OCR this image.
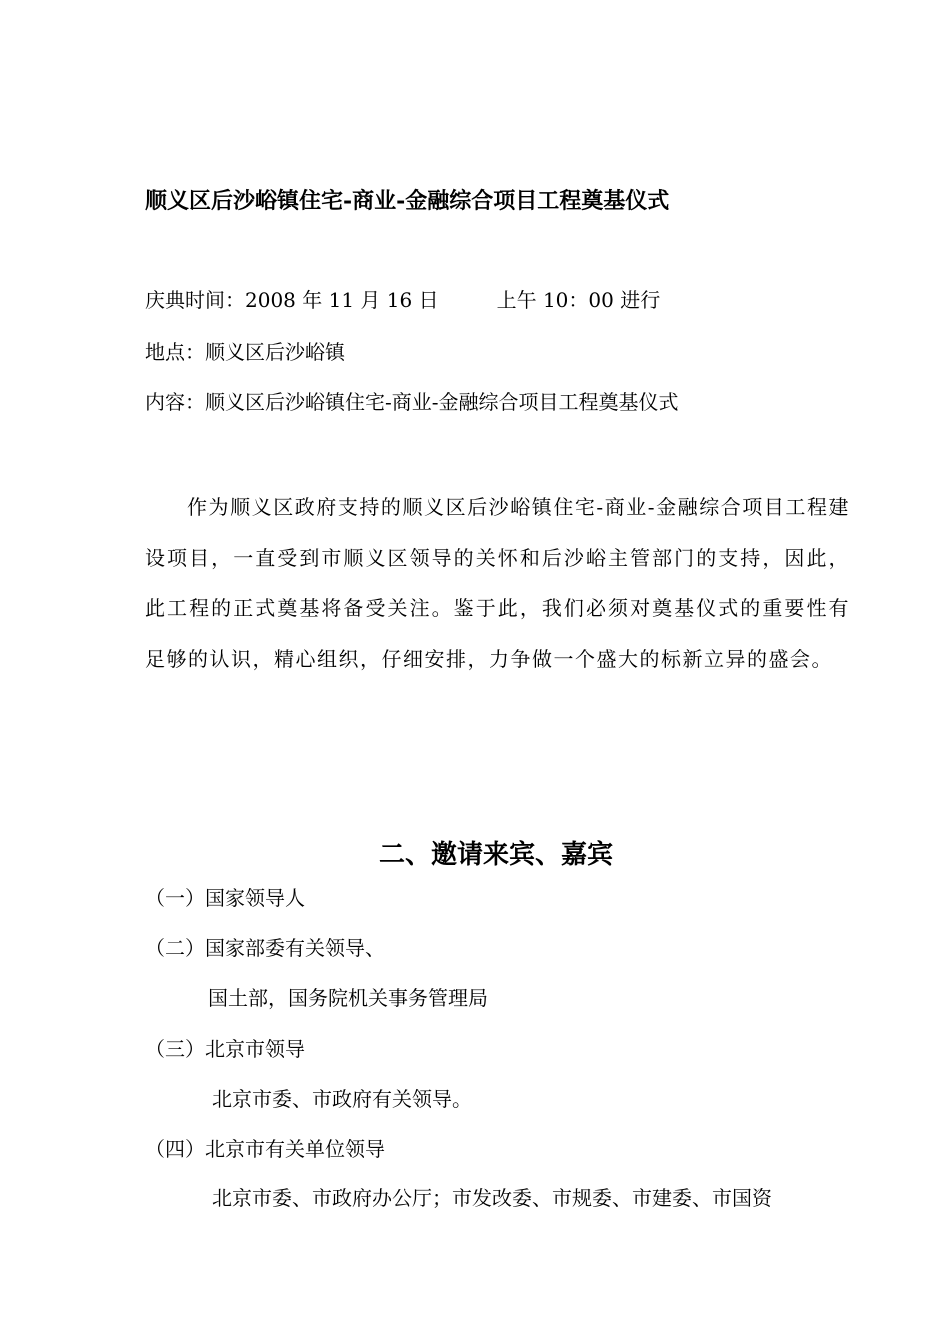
顺义区后沙峪镇住宅-商业-金融综合项目工程奠基仪式
庆典时间：2008 年 11 月 16 日	上午 10：00 进行
地点：顺义区后沙峪镇
内容：顺义区后沙峪镇住宅-商业-金融综合项目工程奠基仪式
作为顺义区政府支持的顺义区后沙峪镇住宅-商业-金融综合项目工程建设项目，一直受到市顺义区领导的关怀和后沙峪主管部门的支持，因此，此工程的正式奠基将备受关注。鉴于此，我们必须对奠基仪式的重要性有足够的认识，精心组织，仔细安排，力争做一个盛大的标新立异的盛会。
二、邀请来宾、嘉宾
（一）国家领导人
（二）国家部委有关领导、
国土部，国务院机关事务管理局
（三）北京市领导
北京市委、市政府有关领导。
（四）北京市有关单位领导
北京市委、市政府办公厅；市发改委、市规委、市建委、市国资
